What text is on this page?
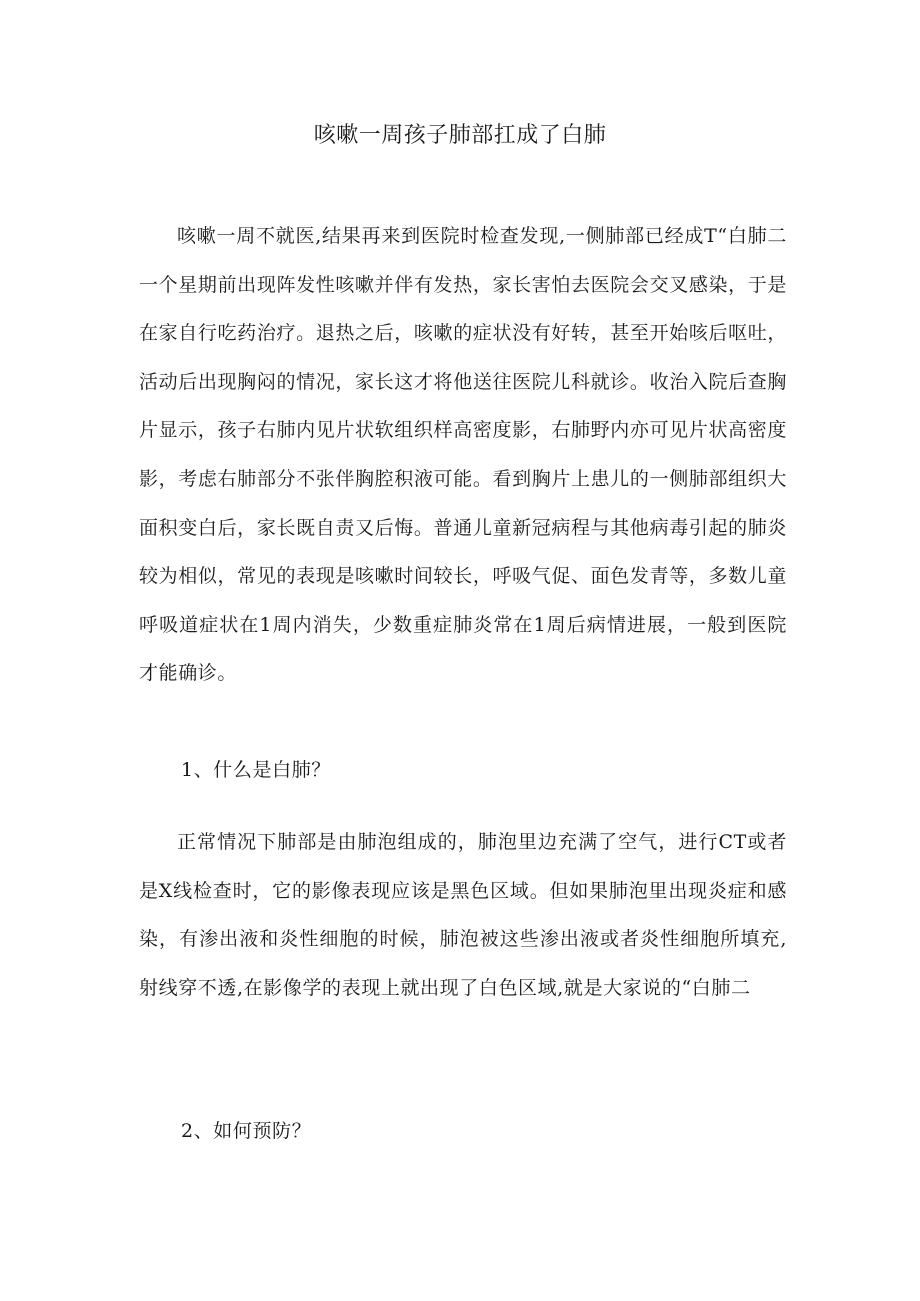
咳嗽一周孩子肺部扛成了白肺

咳嗽一周不就医,结果再来到医院时检查发现,一侧肺部已经成T“白肺二一个星期前出现阵发性咳嗽并伴有发热，家长害怕去医院会交叉感染，于是在家自行吃药治疗。退热之后，咳嗽的症状没有好转，甚至开始咳后呕吐，活动后出现胸闷的情况，家长这才将他送往医院儿科就诊。收治入院后查胸片显示，孩子右肺内见片状软组织样高密度影，右肺野内亦可见片状高密度影，考虑右肺部分不张伴胸腔积液可能。看到胸片上患儿的一侧肺部组织大面积变白后，家长既自责又后悔。普通儿童新冠病程与其他病毒引起的肺炎较为相似，常见的表现是咳嗽时间较长，呼吸气促、面色发青等，多数儿童呼吸道症状在1周内消失，少数重症肺炎常在1周后病情进展，一般到医院才能确诊。

1、什么是白肺？

正常情况下肺部是由肺泡组成的，肺泡里边充满了空气，进行CT或者是X线检查时，它的影像表现应该是黑色区域。但如果肺泡里出现炎症和感染，有渗出液和炎性细胞的时候，肺泡被这些渗出液或者炎性细胞所填充,射线穿不透,在影像学的表现上就出现了白色区域,就是大家说的“白肺二

2、如何预防？
